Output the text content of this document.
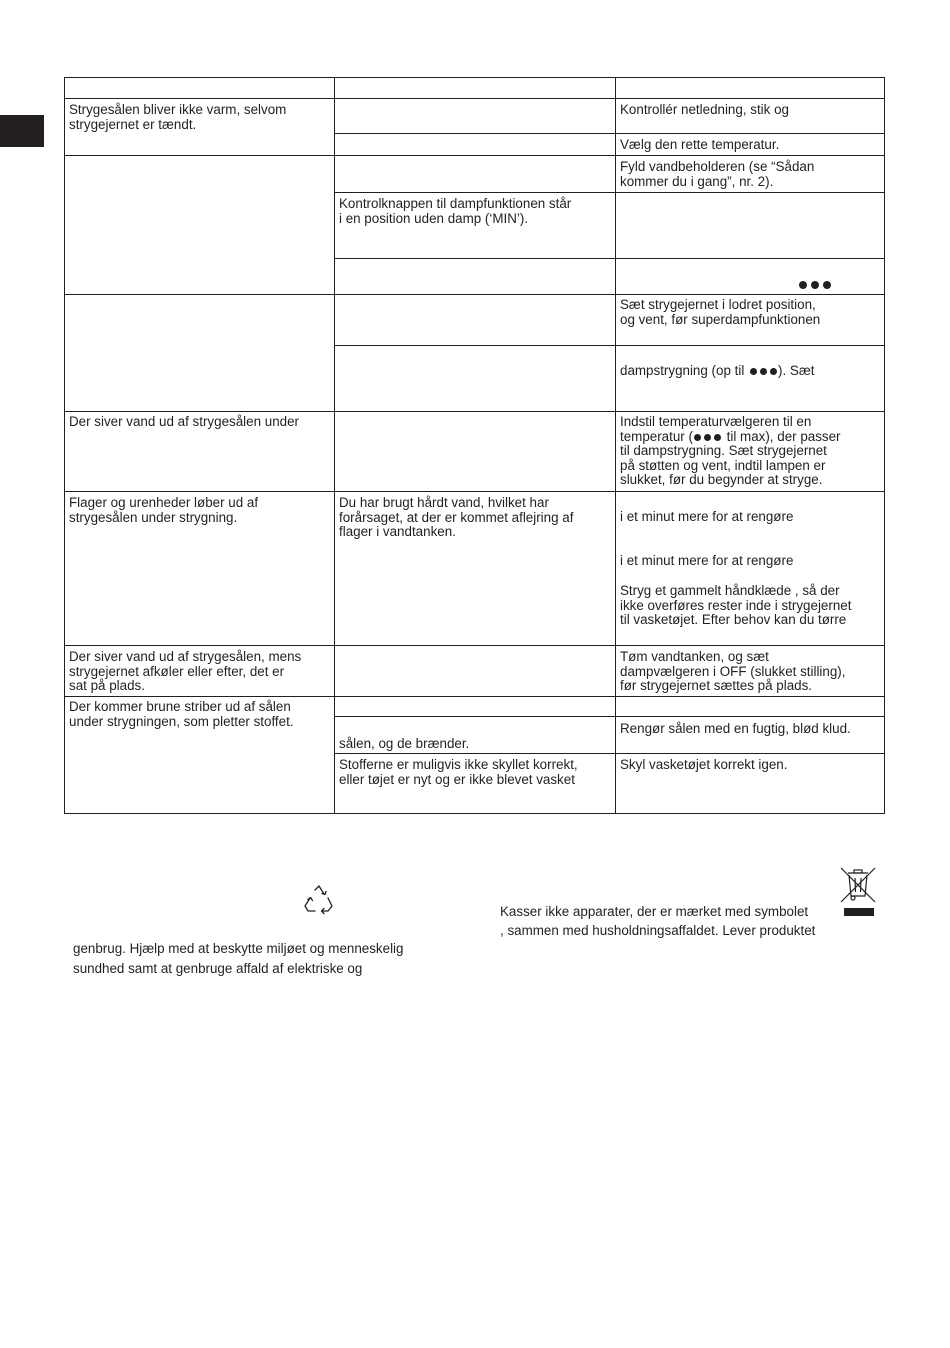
Strygesålen bliver ikke varm, selvom
strygejernet er tændt.
Kontrollér netledning, stik og
Vælg den rette temperatur.
Fyld vandbeholderen (se “Sådan
kommer du i gang”, nr. 2).
Kontrolknappen til dampfunktionen står
i en position uden damp (‘MIN’).

Sæt strygejernet i lodret position,
og vent, før superdampfunktionen
dampstrygning (op til ). Sæt
Der siver vand ud af strygesålen under	Indstil temperaturvælgeren til en
temperatur ( til max), der passer
til dampstrygning. Sæt strygejernet
på støtten og vent, indtil lampen er
slukket, før du begynder at stryge.
Flager og urenheder løber ud af
strygesålen under strygning.
Du har brugt hårdt vand, hvilket har
forårsaget, at der er kommet aflejring af
flager i vandtanken.
i et minut mere for at rengøre
i et minut mere for at rengøre
Stryg et gammelt håndklæde , så der
ikke overføres rester inde i strygejernet
til vasketøjet. Efter behov kan du tørre
Der siver vand ud af strygesålen, mens
strygejernet afkøler eller efter, det er
sat på plads.
Tøm vandtanken, og sæt
dampvælgeren i OFF (slukket stilling),
før strygejernet sættes på plads.
Der kommer brune striber ud af sålen
under strygningen, som pletter stoffet.	Rengør sålen med en fugtig, blød klud.
sålen, og de brænder.
Stofferne er muligvis ikke skyllet korrekt,
eller tøjet er nyt og er ikke blevet vasket
Skyl vasketøjet korrekt igen.
genbrug. Hjælp med at beskytte miljøet og menneskelig
sundhed samt at genbruge affald af elektriske og
Kasser ikke apparater, der er mærket med symbolet
, sammen med husholdningsaffaldet. Lever produktet
